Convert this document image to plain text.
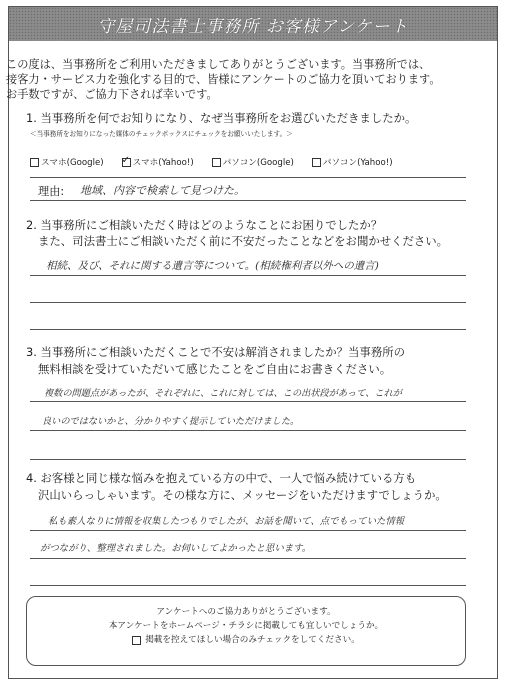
守屋司法書士事務所 お客様アンケート
この度は、当事務所をご利用いただきましてありがとうございます。当事務所では、
接客力・サービス力を強化する目的で、皆様にアンケートのご協力を頂いております。
お手数ですが、ご協力下されば幸いです。
1. 当事務所を何でお知りになり、なぜ当事務所をお選びいただきましたか。
＜当事務所をお知りになった媒体のチェックボックスにチェックをお願いいたします。＞
スマホ(Google)
✓	スマホ(Yahoo!)	パソコン(Google)	パソコン(Yahoo!)
理由: 地域、内容で検索して見つけた。
2. 当事務所にご相談いただく時はどのようなことにお困りでしたか？
また、司法書士にご相談いただく前に不安だったことなどをお聞かせください。
相続、及び、それに関する遺言等について。(相続権利者以外への遺言)
3. 当事務所にご相談いただくことで不安は解消されましたか？当事務所の
無料相談を受けていただいて感じたことをご自由にお書きください。
複数の問題点があったが、それぞれに、これに対しては、この出状段があって、これが
良いのではないかと、分かりやすく提示していただけました。
4. お客様と同じ様な悩みを抱えている方の中で、一人で悩み続けている方も
沢山いらっしゃいます。その様な方に、メッセージをいただけますでしょうか。
私も素人なりに情報を収集したつもりでしたが、お話を聞いて、点でもっていた情報
がつながり、整理されました。お伺いしてよかったと思います。
アンケートへのご協力ありがとうございます。
本アンケートをホームページ・チラシに掲載しても宜しいでしょうか。
掲載を控えてほしい場合のみチェックをしてください。
